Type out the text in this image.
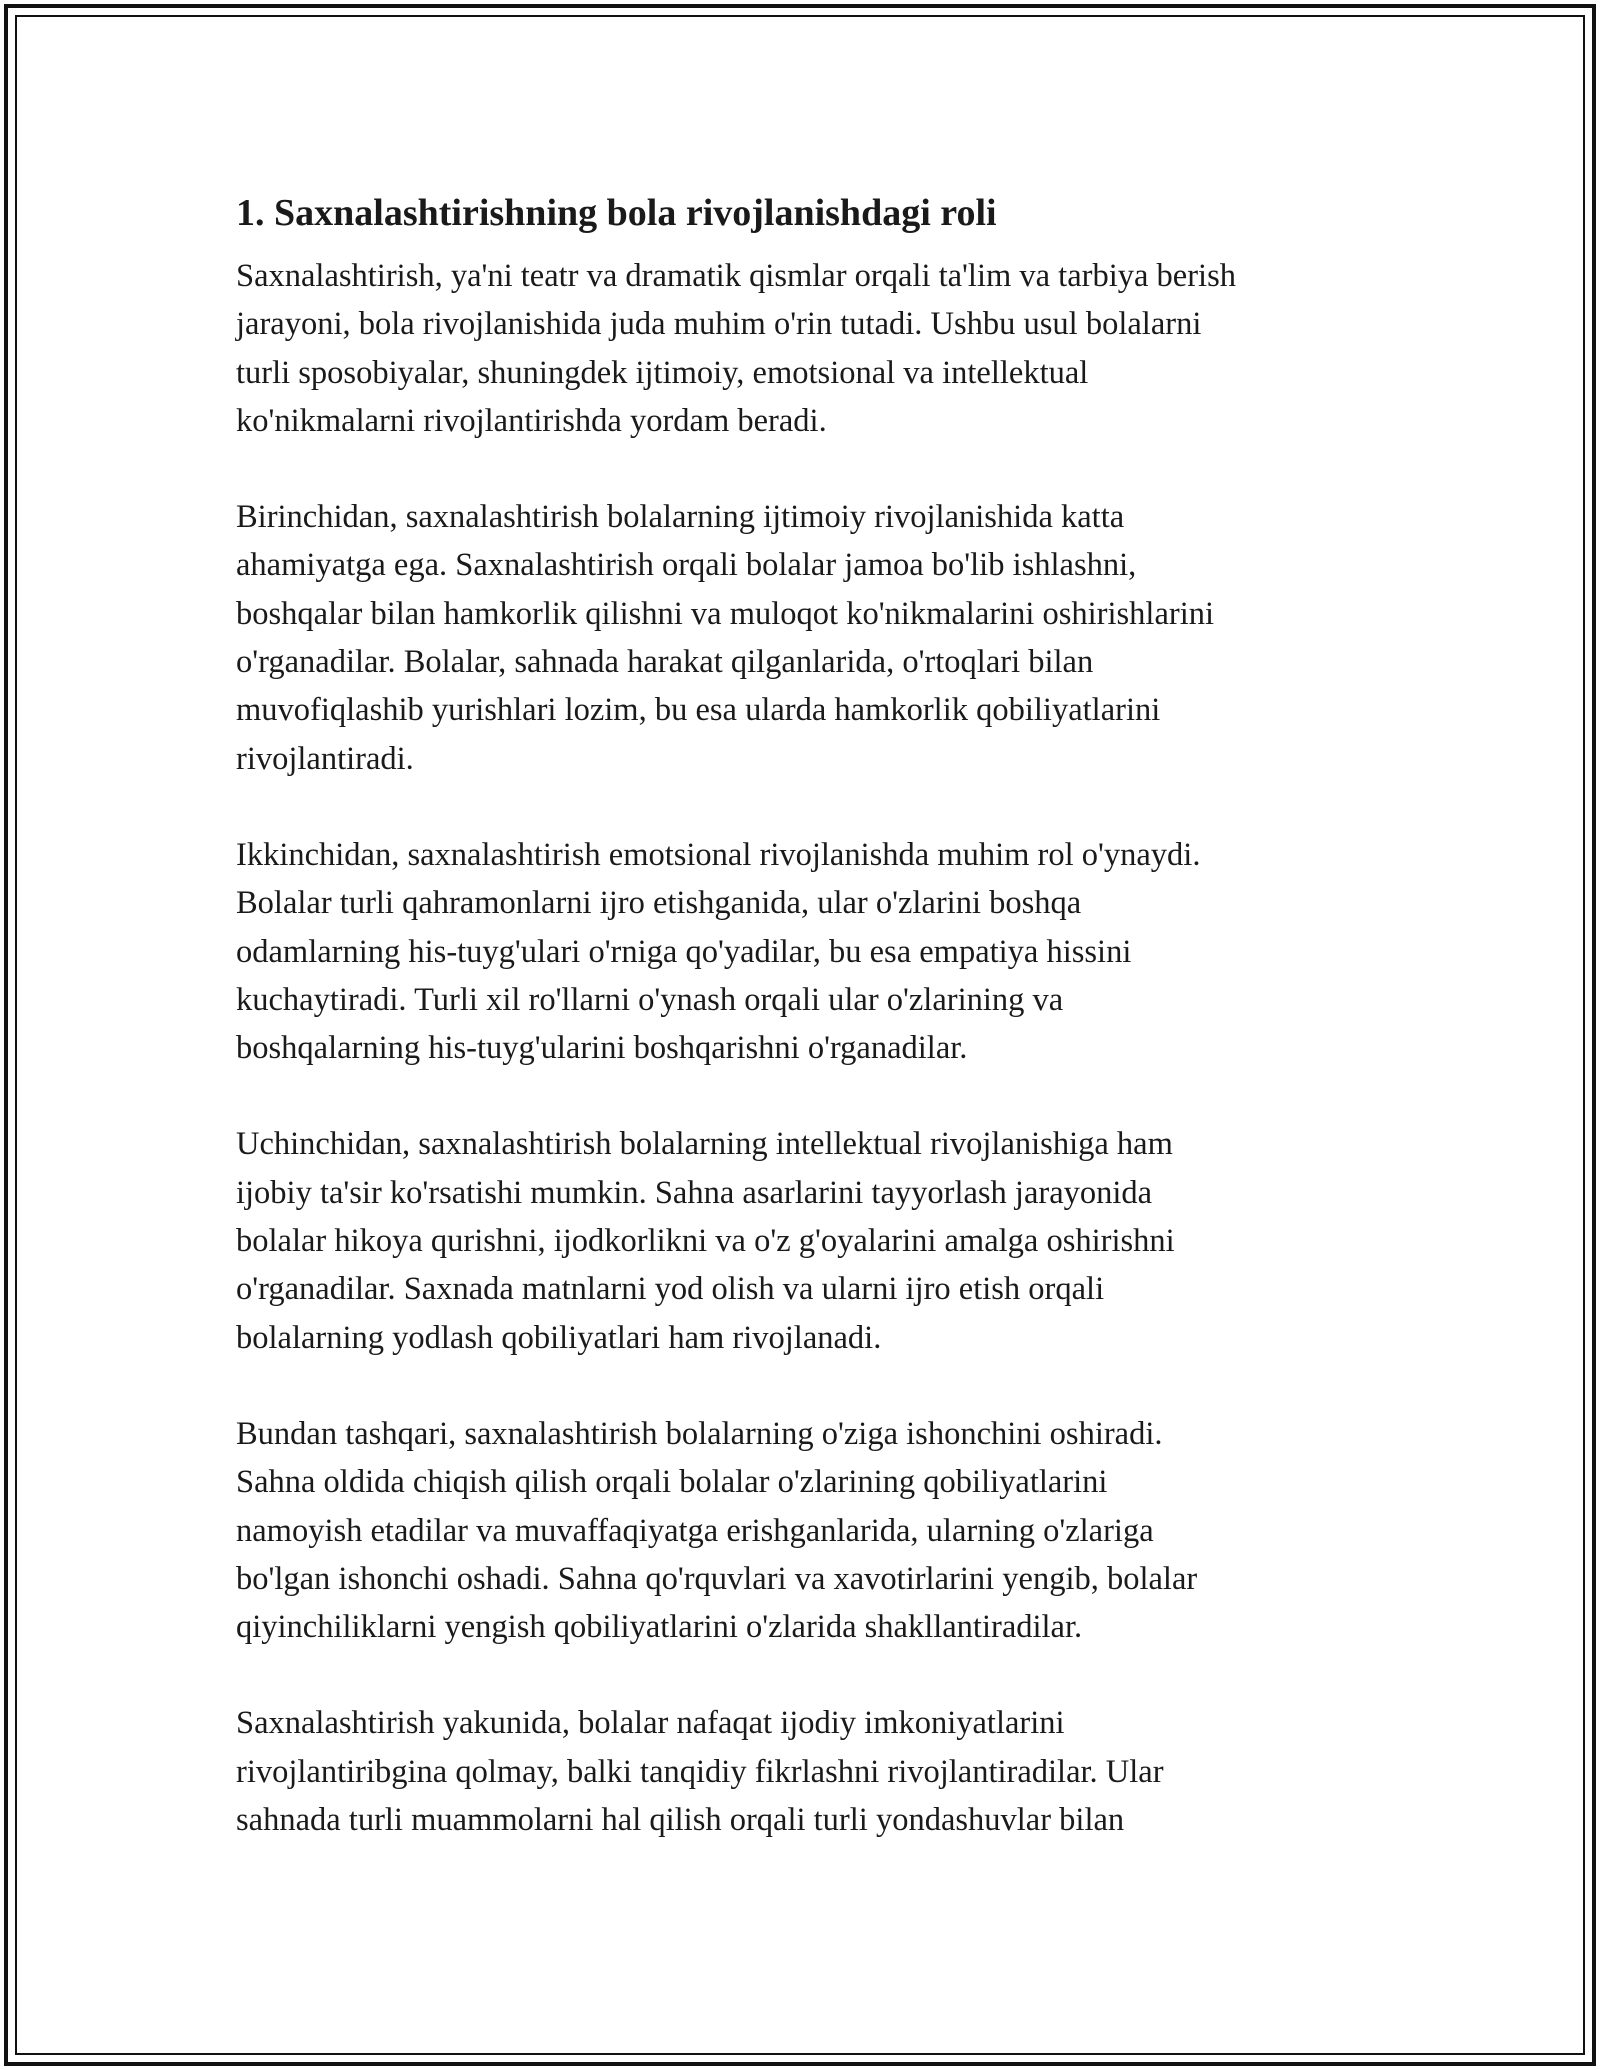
1. Saxnalashtirishning bola rivojlanishdagi roli
Saxnalashtirish, ya'ni teatr va dramatik qismlar orqali ta'lim va tarbiya berish
jarayoni, bola rivojlanishida juda muhim o'rin tutadi. Ushbu usul bolalarni
turli sposobiyalar, shuningdek ijtimoiy, emotsional va intellektual
ko'nikmalarni rivojlantirishda yordam beradi.
Birinchidan, saxnalashtirish bolalarning ijtimoiy rivojlanishida katta
ahamiyatga ega. Saxnalashtirish orqali bolalar jamoa bo'lib ishlashni,
boshqalar bilan hamkorlik qilishni va muloqot ko'nikmalarini oshirishlarini
o'rganadilar. Bolalar, sahnada harakat qilganlarida, o'rtoqlari bilan
muvofiqlashib yurishlari lozim, bu esa ularda hamkorlik qobiliyatlarini
rivojlantiradi.
Ikkinchidan, saxnalashtirish emotsional rivojlanishda muhim rol o'ynaydi.
Bolalar turli qahramonlarni ijro etishganida, ular o'zlarini boshqa
odamlarning his-tuyg'ulari o'rniga qo'yadilar, bu esa empatiya hissini
kuchaytiradi. Turli xil ro'llarni o'ynash orqali ular o'zlarining va
boshqalarning his-tuyg'ularini boshqarishni o'rganadilar.
Uchinchidan, saxnalashtirish bolalarning intellektual rivojlanishiga ham
ijobiy ta'sir ko'rsatishi mumkin. Sahna asarlarini tayyorlash jarayonida
bolalar hikoya qurishni, ijodkorlikni va o'z g'oyalarini amalga oshirishni
o'rganadilar. Saxnada matnlarni yod olish va ularni ijro etish orqali
bolalarning yodlash qobiliyatlari ham rivojlanadi.
Bundan tashqari, saxnalashtirish bolalarning o'ziga ishonchini oshiradi.
Sahna oldida chiqish qilish orqali bolalar o'zlarining qobiliyatlarini
namoyish etadilar va muvaffaqiyatga erishganlarida, ularning o'zlariga
bo'lgan ishonchi oshadi. Sahna qo'rquvlari va xavotirlarini yengib, bolalar
qiyinchiliklarni yengish qobiliyatlarini o'zlarida shakllantiradilar.
Saxnalashtirish yakunida, bolalar nafaqat ijodiy imkoniyatlarini
rivojlantiribgina qolmay, balki tanqidiy fikrlashni rivojlantiradilar. Ular
sahnada turli muammolarni hal qilish orqali turli yondashuvlar bilan
